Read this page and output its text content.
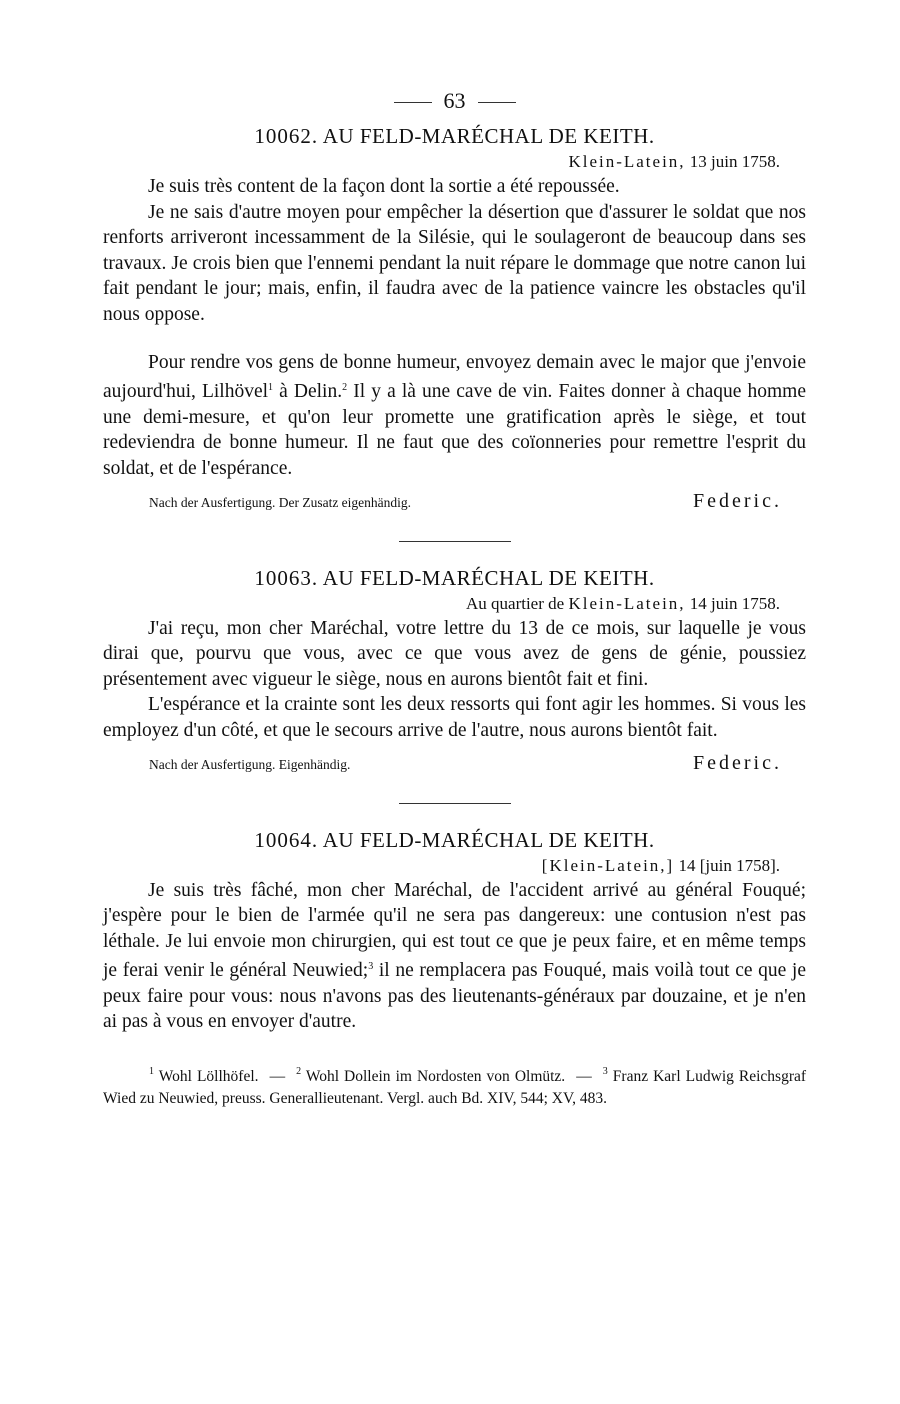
63
10062. AU FELD-MARÉCHAL DE KEITH.
Klein-Latein, 13 juin 1758.

Je suis très content de la façon dont la sortie a été repoussée.

Je ne sais d'autre moyen pour empêcher la désertion que d'assurer le soldat que nos renforts arriveront incessamment de la Silésie, qui le soulageront de beaucoup dans ses travaux. Je crois bien que l'ennemi pendant la nuit répare le dommage que notre canon lui fait pendant le jour; mais, enfin, il faudra avec de la patience vaincre les obstacles qu'il nous oppose.

Pour rendre vos gens de bonne humeur, envoyez demain avec le major que j'envoie aujourd'hui, Lilhövel$^1$ à Delin.$^2$ Il y a là une cave de vin. Faites donner à chaque homme une demi-mesure, et qu'on leur promette une gratification après le siège, et tout redeviendra de bonne humeur. Il ne faut que des coïonneries pour remettre l'esprit du soldat, et de l'espérance.

Nach der Ausfertigung. Der Zusatz eigenhändig.	Federic.
10063. AU FELD-MARÉCHAL DE KEITH.
Au quartier de Klein-Latein, 14 juin 1758.

J'ai reçu, mon cher Maréchal, votre lettre du 13 de ce mois, sur laquelle je vous dirai que, pourvu que vous, avec ce que vous avez de gens de génie, poussiez présentement avec vigueur le siège, nous en aurons bientôt fait et fini.

L'espérance et la crainte sont les deux ressorts qui font agir les hommes. Si vous les employez d'un côté, et que le secours arrive de l'autre, nous aurons bientôt fait.

Nach der Ausfertigung. Eigenhändig.	Federic.
10064. AU FELD-MARÉCHAL DE KEITH.
[Klein-Latein,] 14 [juin 1758].

Je suis très fâché, mon cher Maréchal, de l'accident arrivé au général Fouqué; j'espère pour le bien de l'armée qu'il ne sera pas dangereux: une contusion n'est pas léthale. Je lui envoie mon chirurgien, qui est tout ce que je peux faire, et en même temps je ferai venir le général Neuwied;$^3$ il ne remplacera pas Fouqué, mais voilà tout ce que je peux faire pour vous: nous n'avons pas des lieutenants-généraux par douzaine, et je n'en ai pas à vous en envoyer d'autre.

$^1$ Wohl Löllhöfel. — $^2$ Wohl Dollein im Nordosten von Olmütz. — $^3$ Franz Karl Ludwig Reichsgraf Wied zu Neuwied, preuss. Generallieutenant. Vergl. auch Bd. XIV, 544; XV, 483.
